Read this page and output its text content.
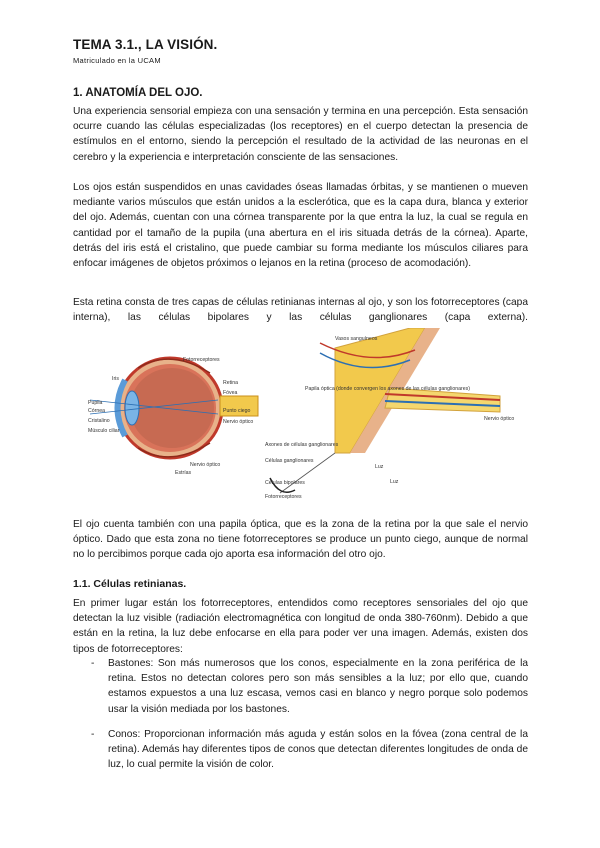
TEMA 3.1., LA VISIÓN.
Matriculado en la UCAM
1. ANATOMÍA DEL OJO.

Una experiencia sensorial empieza con una sensación y termina en una percepción. Esta sensación ocurre cuando las células especializadas (los receptores) en el cuerpo detectan la presencia de estímulos en el entorno, siendo la percepción el resultado de la actividad de las neuronas en el cerebro y la experiencia e interpretación consciente de las sensaciones.

Los ojos están suspendidos en unas cavidades óseas llamadas órbitas, y se mantienen o mueven mediante varios músculos que están unidos a la esclerótica, que es la capa dura, blanca y exterior del ojo. Además, cuentan con una córnea transparente por la que entra la luz, la cual se regula en cantidad por el tamaño de la pupila (una abertura en el iris situada detrás de la córnea). Aparte, detrás del iris está el cristalino, que puede cambiar su forma mediante los músculos ciliares para enfocar imágenes de objetos próximos o lejanos en la retina (proceso de acomodación).

Esta retina consta de tres capas de células retinianas internas al ojo, y son los fotorreceptores (capa interna), las células bipolares y las células ganglionares (capa externa).

Fotorreceptores
Retina
Fóvea
Punto ciego
Nervio óptico
Iris
Pupila
Córnea
Cristalino
Músculo ciliar
Nervio óptico
Estrías
Vasos sanguíneos
Papila óptica (donde convergen los axones de las células ganglionares)
Nervio óptico
Axones de células ganglionares
Células ganglionares
Células bipolares
Fotorreceptores
Luz
Luz

El ojo cuenta también con una papila óptica, que es la zona de la retina por la que sale el nervio óptico. Dado que esta zona no tiene fotorreceptores se produce un punto ciego, aunque de normal no lo percibimos porque cada ojo aporta esa información del otro ojo.

1.1. Células retinianas.

En primer lugar están los fotorreceptores, entendidos como receptores sensoriales del ojo que detectan la luz visible (radiación electromagnética con longitud de onda 380-760nm). Debido a que están en la retina, la luz debe enfocarse en ella para poder ver una imagen. Además, existen dos tipos de fotorreceptores:

- Bastones: Son más numerosos que los conos, especialmente en la zona periférica de la retina. Estos no detectan colores pero son más sensibles a la luz; por ello que, cuando estamos expuestos a una luz escasa, vemos casi en blanco y negro porque solo podemos usar la visión mediada por los bastones.
- Conos: Proporcionan información más aguda y están solos en la fóvea (zona central de la retina). Además hay diferentes tipos de conos que detectan diferentes longitudes de onda de luz, lo cual permite la visión de color.
